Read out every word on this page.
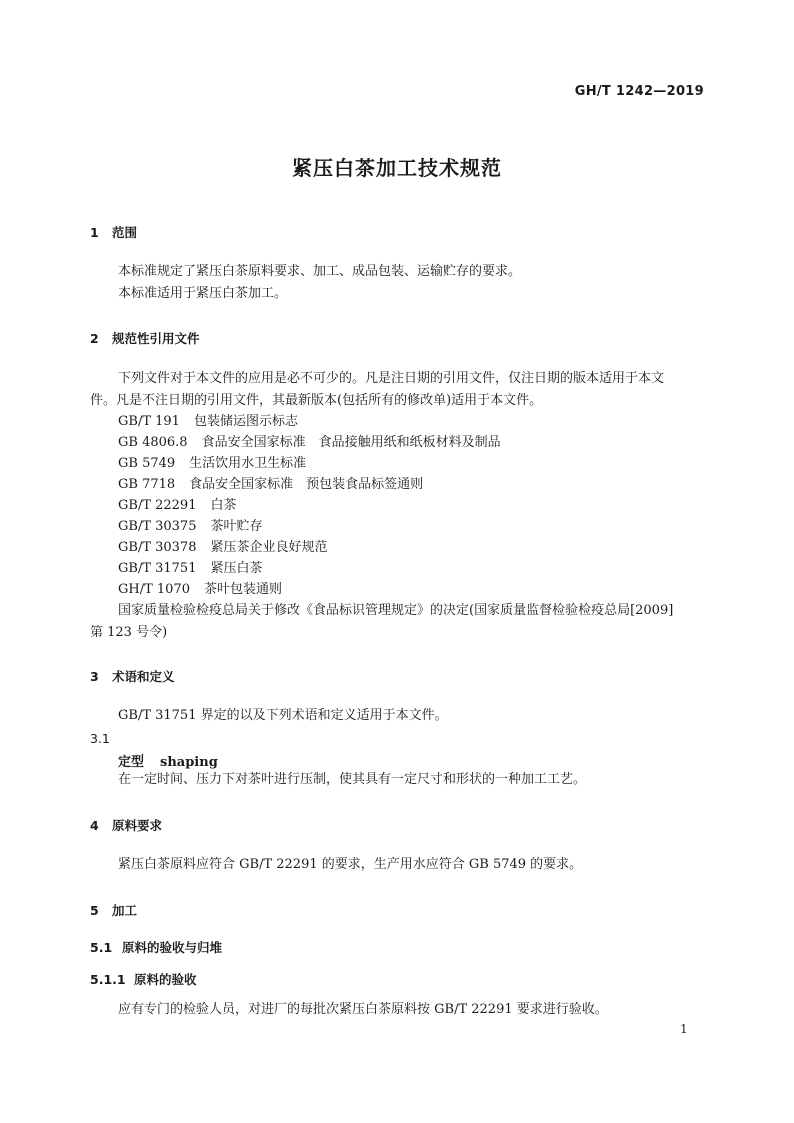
GH/T 1242—2019
紧压白茶加工技术规范
1 范围
本标准规定了紧压白茶原料要求、加工、成品包装、运输贮存的要求。
本标准适用于紧压白茶加工。
2 规范性引用文件
下列文件对于本文件的应用是必不可少的。凡是注日期的引用文件，仅注日期的版本适用于本文
件。凡是不注日期的引用文件，其最新版本(包括所有的修改单)适用于本文件。
GB/T 191 包装储运图示标志
GB 4806.8 食品安全国家标准　食品接触用纸和纸板材料及制品
GB 5749 生活饮用水卫生标准
GB 7718 食品安全国家标准　预包装食品标签通则
GB/T 22291 白茶
GB/T 30375 茶叶贮存
GB/T 30378 紧压茶企业良好规范
GB/T 31751 紧压白茶
GH/T 1070 茶叶包装通则
国家质量检验检疫总局关于修改《食品标识管理规定》的决定(国家质量监督检验检疫总局[2009]
第 123 号令)
3 术语和定义
GB/T 31751 界定的以及下列术语和定义适用于本文件。
3.1
定型 shaping
在一定时间、压力下对茶叶进行压制，使其具有一定尺寸和形状的一种加工工艺。
4 原料要求
紧压白茶原料应符合 GB/T 22291 的要求，生产用水应符合 GB 5749 的要求。
5 加工
5.1 原料的验收与归堆
5.1.1 原料的验收
应有专门的检验人员，对进厂的每批次紧压白茶原料按 GB/T 22291 要求进行验收。
1
